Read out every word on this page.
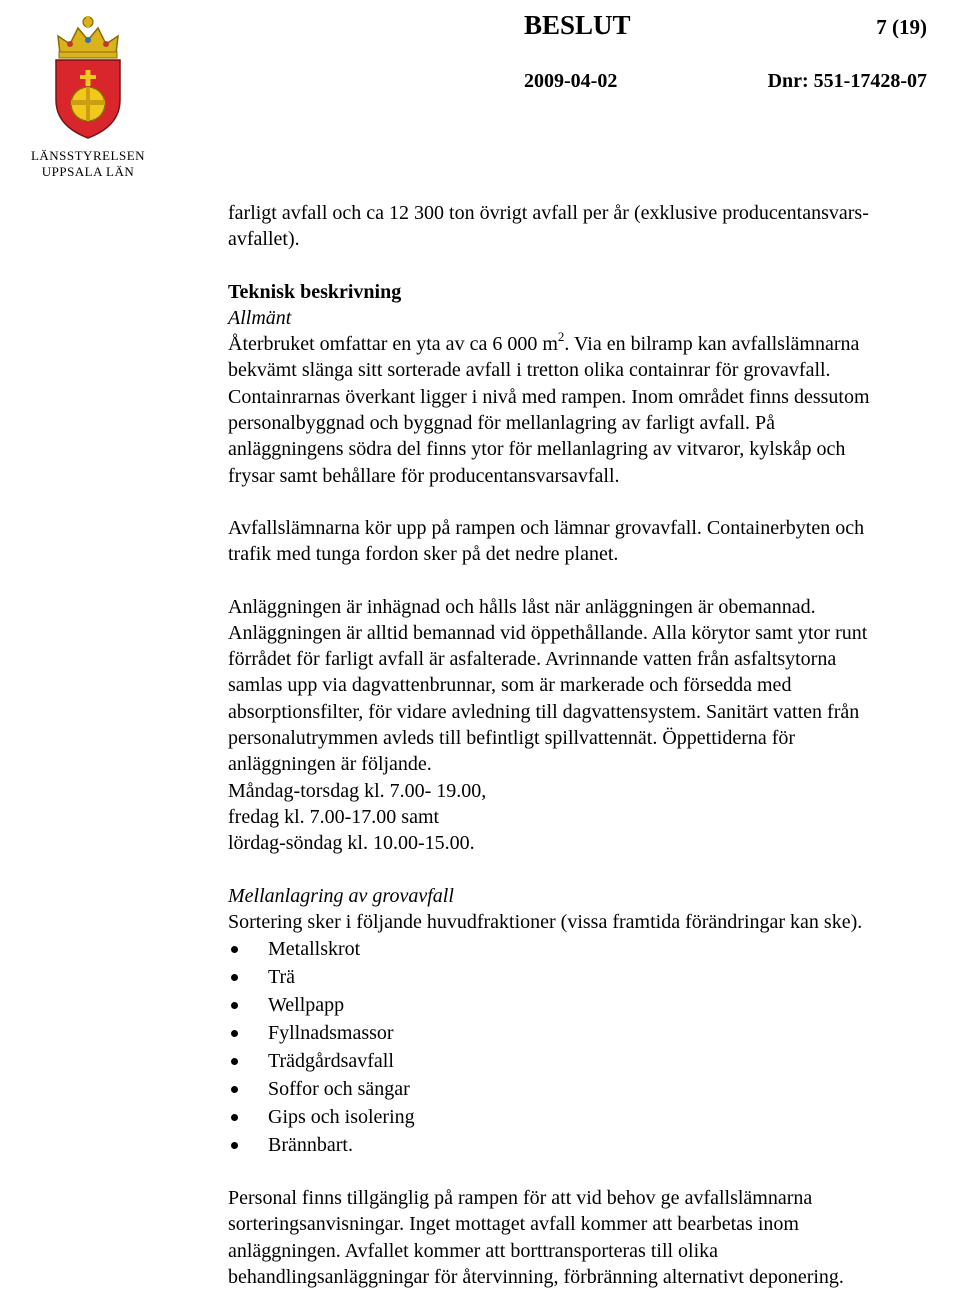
LÄNSSTYRELSEN
UPPSALA LÄN
BESLUT	7 (19)
2009-04-02	Dnr: 551-17428-07

farligt avfall och ca 12 300 ton övrigt avfall per år (exklusive producentansvars-

avfallet).

Teknisk beskrivning

Allmänt

Återbruket omfattar en yta av ca 6 000 $m^2$. Via en bilramp kan avfallslämnarna

bekvämt slänga sitt sorterade avfall i tretton olika containrar för grovavfall.

Containrarnas överkant ligger i nivå med rampen. Inom området finns dessutom

personalbyggnad och byggnad för mellanlagring av farligt avfall. På

anläggningens södra del finns ytor för mellanlagring av vitvaror, kylskåp och

frysar samt behållare för producentansvarsavfall.

Avfallslämnarna kör upp på rampen och lämnar grovavfall. Containerbyten och

trafik med tunga fordon sker på det nedre planet.

Anläggningen är inhägnad och hålls låst när anläggningen är obemannad.

Anläggningen är alltid bemannad vid öppethållande. Alla körytor samt ytor runt

förrådet för farligt avfall är asfalterade. Avrinnande vatten från asfaltsytorna

samlas upp via dagvattenbrunnar, som är markerade och försedda med

absorptionsfilter, för vidare avledning till dagvattensystem. Sanitärt vatten från

personalutrymmen avleds till befintligt spillvattennät. Öppettiderna för

anläggningen är följande.

Måndag-torsdag kl. 7.00- 19.00,

fredag kl. 7.00-17.00 samt

lördag-söndag kl. 10.00-15.00.

Mellanlagring av grovavfall

Sortering sker i följande huvudfraktioner (vissa framtida förändringar kan ske).

Metallskrot
Trä
Wellpapp
Fyllnadsmassor
Trädgårdsavfall
Soffor och sängar
Gips och isolering
Brännbart.

Personal finns tillgänglig på rampen för att vid behov ge avfallslämnarna

sorteringsanvisningar. Inget mottaget avfall kommer att bearbetas inom

anläggningen. Avfallet kommer att borttransporteras till olika

behandlingsanläggningar för återvinning, förbränning alternativt deponering.
